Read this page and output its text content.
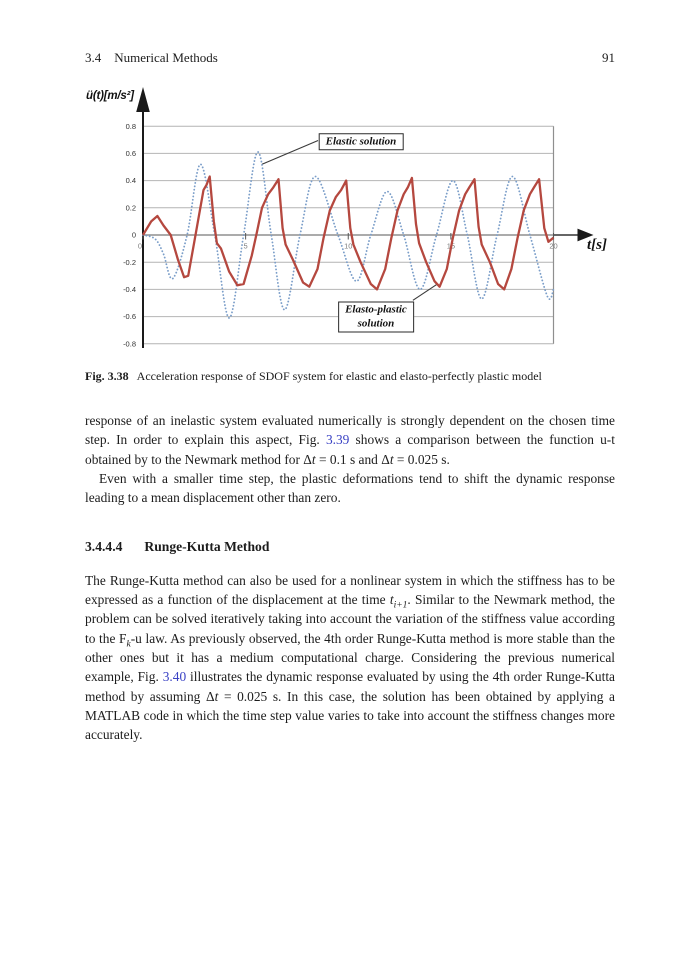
3.4 Numerical Methods	91
0	5	10	15	20
0.8
0.6
0.4
0.2
0
-0.2
-0.4
-0.6
-0.8
ü(t)[m/s²]
t[s]
Elastic solution
Elasto-plastic
solution

Fig. 3.38 Acceleration response of SDOF system for elastic and elasto-perfectly plastic model

response of an inelastic system evaluated numerically is strongly dependent on the chosen time step. In order to explain this aspect, Fig. 3.39 shows a comparison between the function u-t obtained by to the Newmark method for Δt = 0.1 s and Δt = 0.025 s.

Even with a smaller time step, the plastic deformations tend to shift the dynamic response leading to a mean displacement other than zero.

3.4.4.4 Runge-Kutta Method

The Runge-Kutta method can also be used for a nonlinear system in which the stiffness has to be expressed as a function of the displacement at the time $t_{i+1}$. Similar to the Newmark method, the problem can be solved iteratively taking into account the variation of the stiffness value according to the $F_k-u$ law. As previously observed, the 4th order Runge-Kutta method is more stable than the other ones but it has a medium computational charge. Considering the previous numerical example, Fig. 3.40 illustrates the dynamic response evaluated by using the 4th order Runge-Kutta method by assuming Δt = 0.025 s. In this case, the solution has been obtained by applying a MATLAB code in which the time step value varies to take into account the stiffness changes more accurately.
